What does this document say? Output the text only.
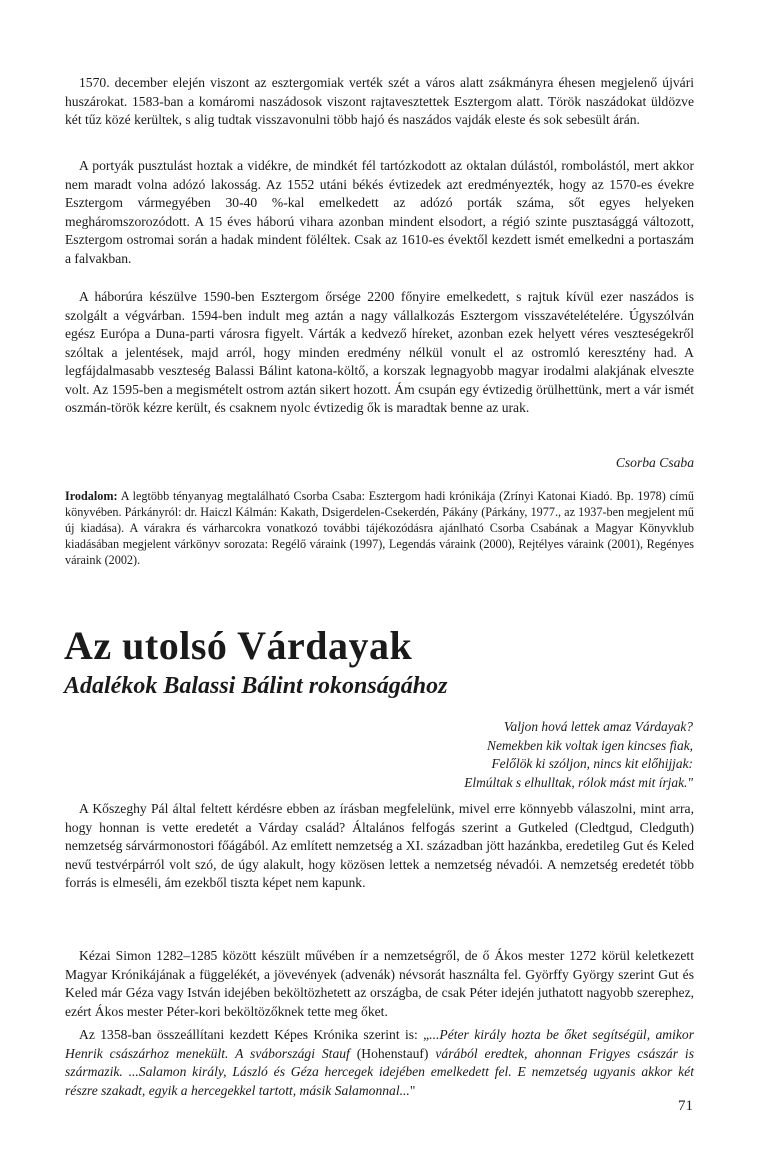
1570. december elején viszont az esztergomiak verték szét a város alatt zsákmányra éhesen megjelenő újvári huszárokat. 1583-ban a komáromi naszádosok viszont rajtavesztettek Esztergom alatt. Török naszádokat üldözve két tűz közé kerültek, s alig tudtak visszavonulni több hajó és naszádos vajdák eleste és sok sebesült árán.

A portyák pusztulást hoztak a vidékre, de mindkét fél tartózkodott az oktalan dúlástól, rombolástól, mert akkor nem maradt volna adózó lakosság. Az 1552 utáni békés évtizedek azt eredményezték, hogy az 1570-es évekre Esztergom vármegyében 30-40 %-kal emelkedett az adózó porták száma, sőt egyes helyeken megháromszorozódott. A 15 éves háború vihara azonban mindent elsodort, a régió szinte pusztasággá változott, Esztergom ostromai során a hadak mindent föléltek. Csak az 1610-es évektől kezdett ismét emelkedni a portaszám a falvakban.

A háborúra készülve 1590-ben Esztergom őrsége 2200 főnyire emelkedett, s rajtuk kívül ezer naszádos is szolgált a végvárban. 1594-ben indult meg aztán a nagy vállalkozás Esztergom visszavételételére. Úgyszólván egész Európa a Duna-parti városra figyelt. Várták a kedvező híreket, azonban ezek helyett véres veszteségekről szóltak a jelentések, majd arról, hogy minden eredmény nélkül vonult el az ostromló keresztény had. A legfájdalmasabb veszteség Balassi Bálint katona-költő, a korszak legnagyobb magyar irodalmi alakjának elveszte volt. Az 1595-ben a megismételt ostrom aztán sikert hozott. Ám csupán egy évtizedig örülhettünk, mert a vár ismét oszmán-török kézre került, és csaknem nyolc évtizedig ők is maradtak benne az urak.

Csorba Csaba

Irodalom: A legtöbb tényanyag megtalálható Csorba Csaba: Esztergom hadi krónikája (Zrínyi Katonai Kiadó. Bp. 1978) című könyvében. Párkányról: dr. Haiczl Kálmán: Kakath, Dsigerdelen-Csekerdén, Pákány (Párkány, 1977., az 1937-ben megjelent mű új kiadása). A várakra és várharcokra vonatkozó további tájékozódásra ajánlható Csorba Csabának a Magyar Könyvklub kiadásában megjelent várkönyv sorozata: Regélő váraink (1997), Legendás váraink (2000), Rejtélyes váraink (2001), Regényes váraink (2002).

Az utolsó Várdayak
Adalékok Balassi Bálint rokonságához
Valjon hová lettek amaz Várdayak?
Nemekben kik voltak igen kincses fiak,
Felőlök ki szóljon, nincs kit előhijjak:
Elmúltak s elhulltak, rólok mást mit írjak."

A Kőszeghy Pál által feltett kérdésre ebben az írásban megfelelünk, mivel erre könnyebb válaszolni, mint arra, hogy honnan is vette eredetét a Várday család? Általános felfogás szerint a Gutkeled (Cledtgud, Cledguth) nemzetség sárvármonostori főágából. Az említett nemzetség a XI. században jött hazánkba, eredetileg Gut és Keled nevű testvérpárról volt szó, de úgy alakult, hogy közösen lettek a nemzetség névadói. A nemzetség eredetét több forrás is elmeséli, ám ezekből tiszta képet nem kapunk.

Kézai Simon 1282–1285 között készült művében ír a nemzetségről, de ő Ákos mester 1272 körül keletkezett Magyar Krónikájának a függelékét, a jövevények (advenák) névsorát használta fel. Györffy György szerint Gut és Keled már Géza vagy István idejében beköltözhetett az országba, de csak Péter idején juthatott nagyobb szerephez, ezért Ákos mester Péter-kori beköltözőknek tette meg őket.

Az 1358-ban összeállítani kezdett Képes Krónika szerint is: „...Péter király hozta be őket segítségül, amikor Henrik császárhoz menekült. A svábországi Stauf (Hohenstauf) várából eredtek, ahonnan Frigyes császár is származik. ...Salamon király, László és Géza hercegek idejében emelkedett fel. E nemzetség ugyanis akkor két részre szakadt, egyik a hercegekkel tartott, másik Salamonnal..."

71
